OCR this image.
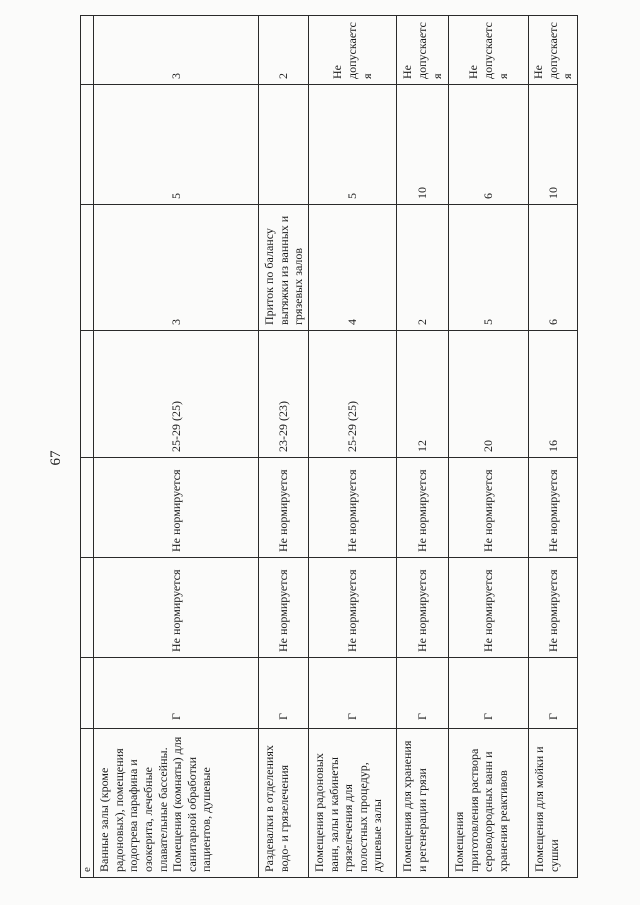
67
е							
Ванные залы (кроме радоновых), помещения подогрева парафина и озокерита, лечебные плавательные бассейны. Помещения (комнаты) для санитарной обработки пациентов, душевые	Г	Не нормируется	Не нормируется	25-29 (25)	3	5	3
Раздевалки в отделениях водо- и грязелечения	Г	Не нормируется	Не нормируется	23-29 (23)	Приток по балансу вытяжки из ванных и грязевых залов		2
Помещения радоновых ванн, залы и кабинеты грязелечения для полостных процедур, душевые залы	Г	Не нормируется	Не нормируется	25-29 (25)	4	5	Не допускается
Помещения для хранения и регенерации грязи	Г	Не нормируется	Не нормируется	12	2	10	Не допускается
Помещения приготовления раствора сероводородных ванн и хранения реактивов	Г	Не нормируется	Не нормируется	20	5	6	Не допускается
Помещения для мойки и сушки	Г	Не нормируется	Не нормируется	16	6	10	Не допускается
